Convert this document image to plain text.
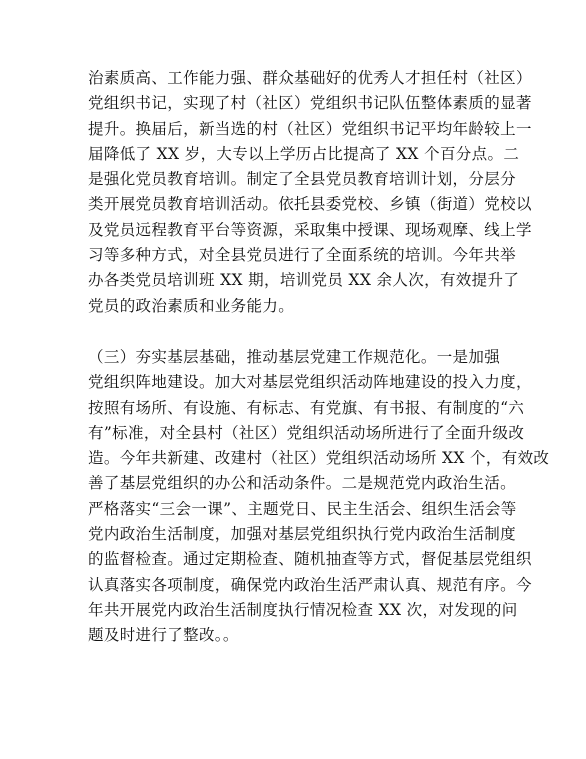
治素质高、工作能力强、群众基础好的优秀人才担任村（社区）
党组织书记，实现了村（社区）党组织书记队伍整体素质的显著
提升。换届后，新当选的村（社区）党组织书记平均年龄较上一
届降低了 XX 岁，大专以上学历占比提高了 XX 个百分点。二
是强化党员教育培训。制定了全县党员教育培训计划，分层分
类开展党员教育培训活动。依托县委党校、乡镇（街道）党校以
及党员远程教育平台等资源，采取集中授课、现场观摩、线上学
习等多种方式，对全县党员进行了全面系统的培训。今年共举
办各类党员培训班 XX 期，培训党员 XX 余人次，有效提升了
党员的政治素质和业务能力。
（三）夯实基层基础，推动基层党建工作规范化。一是加强
党组织阵地建设。加大对基层党组织活动阵地建设的投入力度，
按照有场所、有设施、有标志、有党旗、有书报、有制度的“六
有”标准，对全县村（社区）党组织活动场所进行了全面升级改
造。今年共新建、改建村（社区）党组织活动场所 XX 个，有效改
善了基层党组织的办公和活动条件。二是规范党内政治生活。
严格落实“三会一课”、主题党日、民主生活会、组织生活会等
党内政治生活制度，加强对基层党组织执行党内政治生活制度
的监督检查。通过定期检查、随机抽查等方式，督促基层党组织
认真落实各项制度，确保党内政治生活严肃认真、规范有序。今
年共开展党内政治生活制度执行情况检查 XX 次，对发现的问
题及时进行了整改。。
